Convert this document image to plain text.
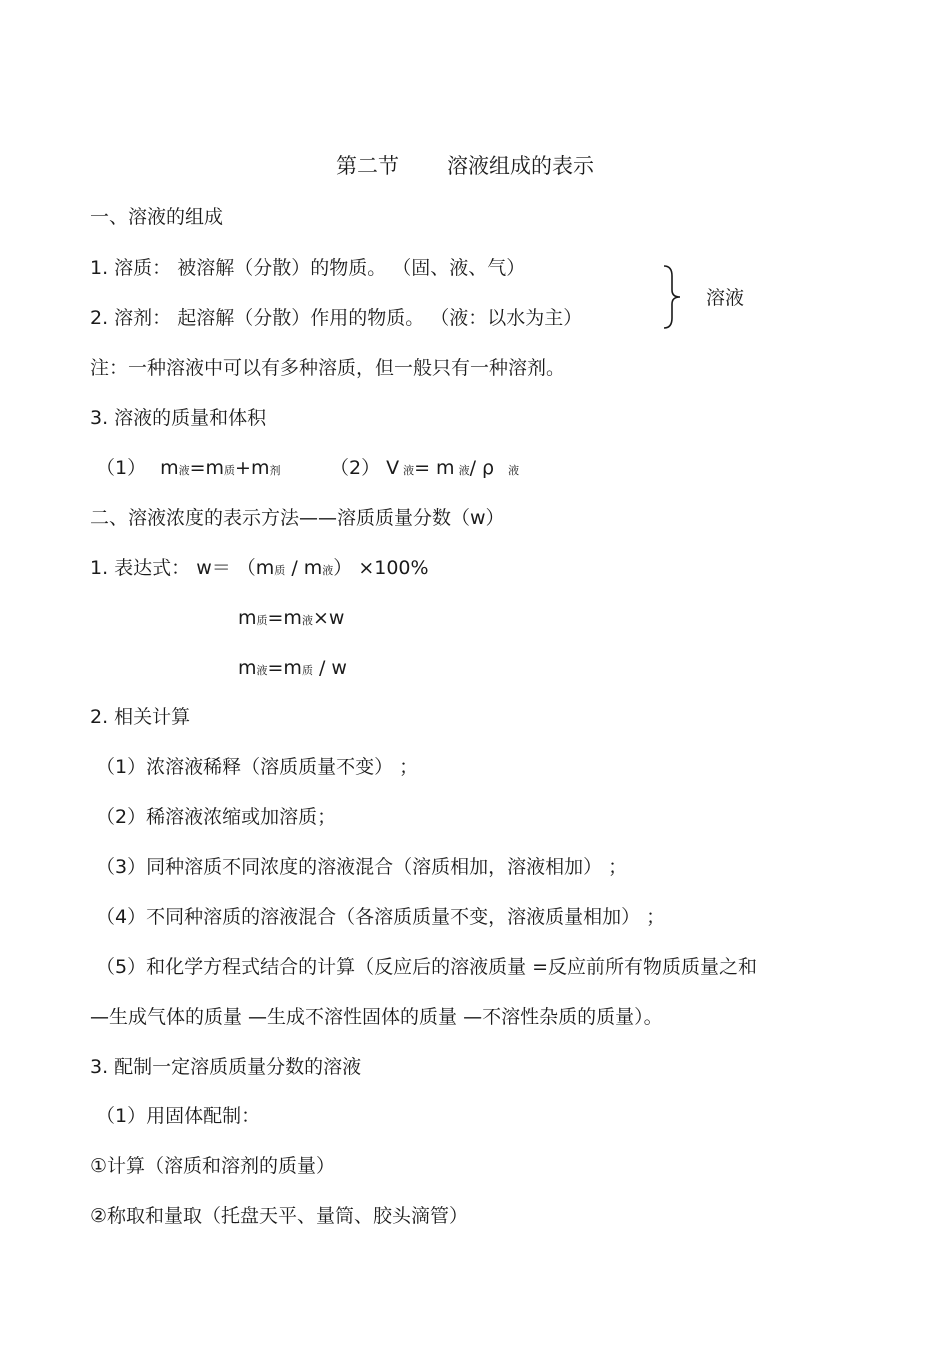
第二节 溶液组成的表示
一、溶液的组成
1. 溶质： 被溶解（分散）的物质。 （固、液、气）
2. 溶剂： 起溶解（分散）作用的物质。 （液：以水为主）
溶液
注：一种溶液中可以有多种溶质，但一般只有一种溶剂。
3. 溶液的质量和体积
（1） m液=m质+m剂	（2） V 液= m 液/ ρ 液
二、溶液浓度的表示方法——溶质质量分数（w）
1. 表达式： w＝ （m质 / m液） ×100%
m质=m液×w
m液=m质 / w
2. 相关计算
（1）浓溶液稀释（溶质质量不变） ；
（2）稀溶液浓缩或加溶质；
（3）同种溶质不同浓度的溶液混合（溶质相加，溶液相加） ；
（4）不同种溶质的溶液混合（各溶质质量不变，溶液质量相加） ；
（5）和化学方程式结合的计算（反应后的溶液质量 =反应前所有物质质量之和
—生成气体的质量 —生成不溶性固体的质量 —不溶性杂质的质量）。
3. 配制一定溶质质量分数的溶液
（1）用固体配制：
①计算（溶质和溶剂的质量）
②称取和量取（托盘天平、量筒、胶头滴管）
